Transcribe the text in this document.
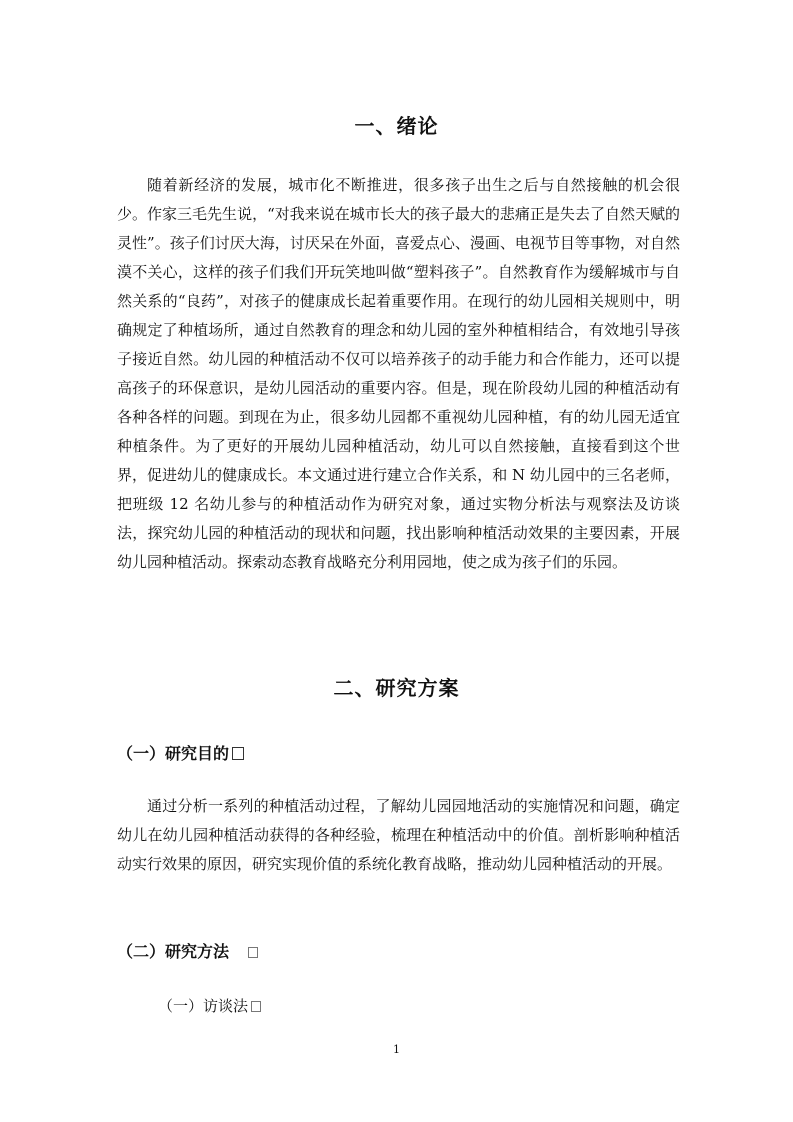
一、绪论

随着新经济的发展，城市化不断推进，很多孩子出生之后与自然接触的机会很少。作家三毛先生说，“对我来说在城市长大的孩子最大的悲痛正是失去了自然天赋的灵性”。孩子们讨厌大海，讨厌呆在外面，喜爱点心、漫画、电视节目等事物，对自然漠不关心，这样的孩子们我们开玩笑地叫做“塑料孩子”。自然教育作为缓解城市与自然关系的“良药”，对孩子的健康成长起着重要作用。在现行的幼儿园相关规则中，明确规定了种植场所，通过自然教育的理念和幼儿园的室外种植相结合，有效地引导孩子接近自然。幼儿园的种植活动不仅可以培养孩子的动手能力和合作能力，还可以提高孩子的环保意识，是幼儿园活动的重要内容。但是，现在阶段幼儿园的种植活动有各种各样的问题。到现在为止，很多幼儿园都不重视幼儿园种植，有的幼儿园无适宜种植条件。为了更好的开展幼儿园种植活动，幼儿可以自然接触，直接看到这个世界，促进幼儿的健康成长。本文通过进行建立合作关系，和 N 幼儿园中的三名老师，把班级 12 名幼儿参与的种植活动作为研究对象，通过实物分析法与观察法及访谈法，探究幼儿园的种植活动的现状和问题，找出影响种植活动效果的主要因素，开展幼儿园种植活动。探索动态教育战略充分利用园地，使之成为孩子们的乐园。

二、研究方案
（一）研究目的

通过分析一系列的种植活动过程，了解幼儿园园地活动的实施情况和问题，确定幼儿在幼儿园种植活动获得的各种经验，梳理在种植活动中的价值。剖析影响种植活动实行效果的原因，研究实现价值的系统化教育战略，推动幼儿园种植活动的开展。

（二）研究方法
（一）访谈法
1
